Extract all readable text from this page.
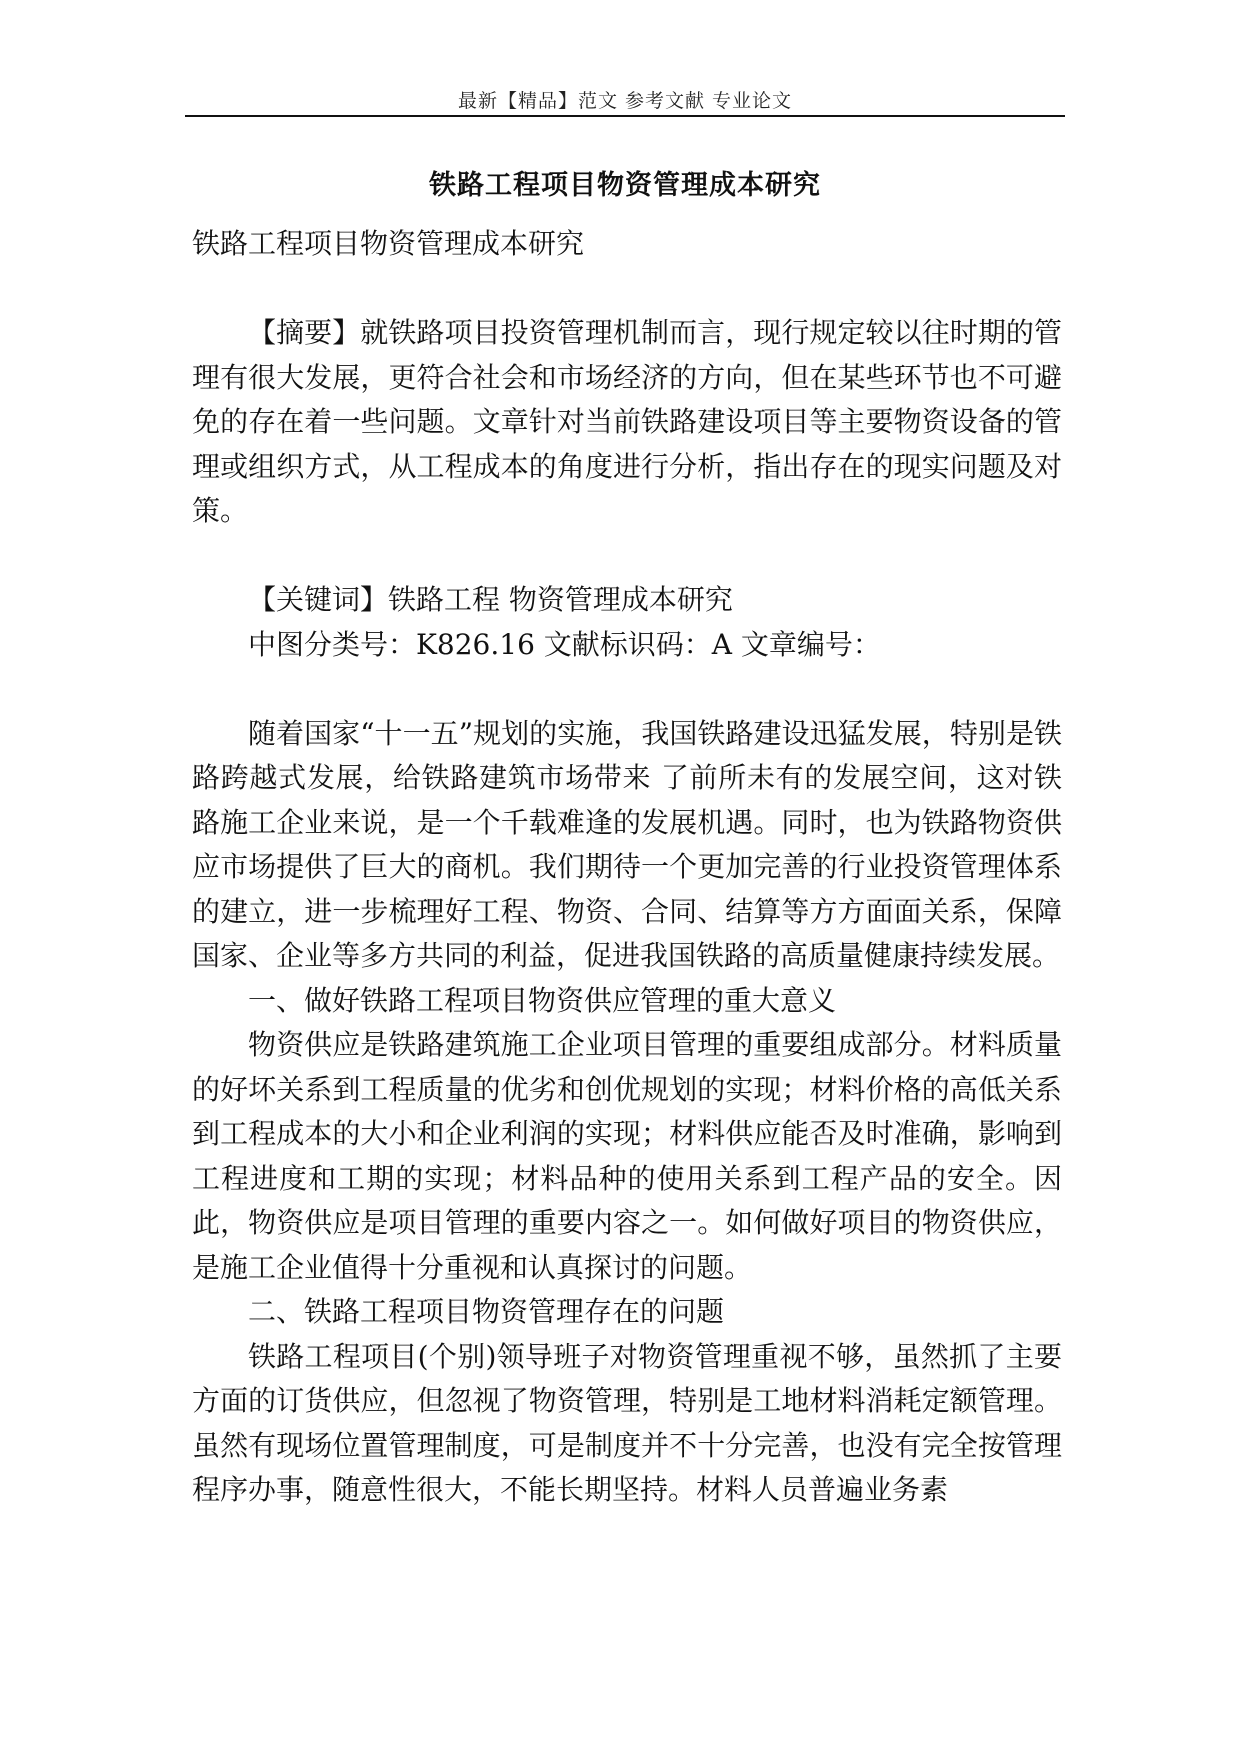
最新【精品】范文 参考文献 专业论文
铁路工程项目物资管理成本研究

铁路工程项目物资管理成本研究

【摘要】就铁路项目投资管理机制而言，现行规定较以往时期的管理有很大发展，更符合社会和市场经济的方向，但在某些环节也不可避免的存在着一些问题。文章针对当前铁路建设项目等主要物资设备的管理或组织方式，从工程成本的角度进行分析，指出存在的现实问题及对策。

【关键词】铁路工程 物资管理成本研究

中图分类号：K826.16 文献标识码：A 文章编号：

随着国家“十一五”规划的实施，我国铁路建设迅猛发展，特别是铁路跨越式发展，给铁路建筑市场带来 了前所未有的发展空间，这对铁路施工企业来说，是一个千载难逢的发展机遇。同时，也为铁路物资供应市场提供了巨大的商机。我们期待一个更加完善的行业投资管理体系的建立，进一步梳理好工程、物资、合同、结算等方方面面关系，保障国家、企业等多方共同的利益，促进我国铁路的高质量健康持续发展。

一、做好铁路工程项目物资供应管理的重大意义

物资供应是铁路建筑施工企业项目管理的重要组成部分。材料质量的好坏关系到工程质量的优劣和创优规划的实现；材料价格的高低关系到工程成本的大小和企业利润的实现；材料供应能否及时准确，影响到工程进度和工期的实现；材料品种的使用关系到工程产品的安全。因此，物资供应是项目管理的重要内容之一。如何做好项目的物资供应，是施工企业值得十分重视和认真探讨的问题。

二、铁路工程项目物资管理存在的问题

铁路工程项目(个别)领导班子对物资管理重视不够，虽然抓了主要方面的订货供应，但忽视了物资管理，特别是工地材料消耗定额管理。虽然有现场位置管理制度，可是制度并不十分完善，也没有完全按管理程序办事，随意性很大，不能长期坚持。材料人员普遍业务素
